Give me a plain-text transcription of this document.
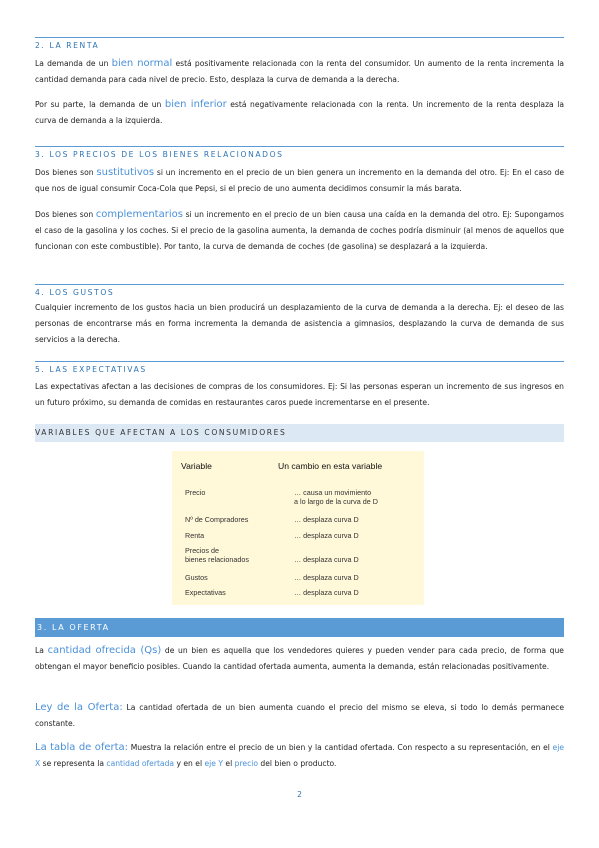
2. LA RENTA

La demanda de un bien normal está positivamente relacionada con la renta del consumidor. Un aumento de la renta incrementa la cantidad demanda para cada nivel de precio. Esto, desplaza la curva de demanda a la derecha.

Por su parte, la demanda de un bien inferior está negativamente relacionada con la renta. Un incremento de la renta desplaza la curva de demanda a la izquierda.

3. LOS PRECIOS DE LOS BIENES RELACIONADOS

Dos bienes son sustitutivos si un incremento en el precio de un bien genera un incremento en la demanda del otro. Ej: En el caso de que nos de igual consumir Coca-Cola que Pepsi, si el precio de uno aumenta decidimos consumir la más barata.

Dos bienes son complementarios si un incremento en el precio de un bien causa una caída en la demanda del otro. Ej: Supongamos el caso de la gasolina y los coches. Si el precio de la gasolina aumenta, la demanda de coches podría disminuir (al menos de aquellos que funcionan con este combustible). Por tanto, la curva de demanda de coches (de gasolina) se desplazará a la izquierda.

4. LOS GUSTOS

Cualquier incremento de los gustos hacia un bien producirá un desplazamiento de la curva de demanda a la derecha. Ej: el deseo de las personas de encontrarse más en forma incrementa la demanda de asistencia a gimnasios, desplazando la curva de demanda de sus servicios a la derecha.

5. LAS EXPECTATIVAS

Las expectativas afectan a las decisiones de compras de los consumidores. Ej: Si las personas esperan un incremento de sus ingresos en un futuro próximo, su demanda de comidas en restaurantes caros puede incrementarse en el presente.

VARIABLES QUE AFECTAN A LOS CONSUMIDORES
Variable	Un cambio en esta variable
Precio	… causa un movimiento
a lo largo de la curva de D
Nº de Compradores	… desplaza curva D
Renta	… desplaza curva D
Precios de
bienes relacionados	… desplaza curva D
Gustos	… desplaza curva D
Expectativas	… desplaza curva D
3. LA OFERTA

La cantidad ofrecida (Qs) de un bien es aquella que los vendedores quieres y pueden vender para cada precio, de forma que obtengan el mayor beneficio posibles. Cuando la cantidad ofertada aumenta, aumenta la demanda, están relacionadas positivamente.

Ley de la Oferta: La cantidad ofertada de un bien aumenta cuando el precio del mismo se eleva, si todo lo demás permanece constante.

La tabla de oferta: Muestra la relación entre el precio de un bien y la cantidad ofertada. Con respecto a su representación, en el eje X se representa la cantidad ofertada y en el eje Y el precio del bien o producto.

2
